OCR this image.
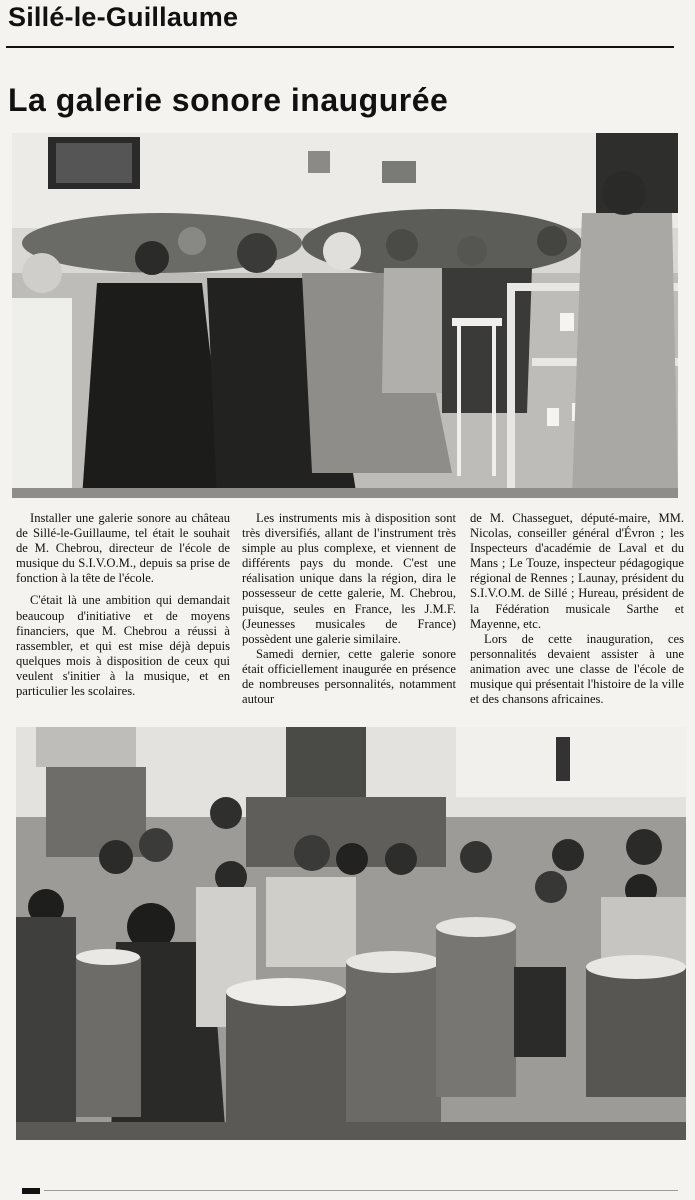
Sillé-le-Guillaume
La galerie sonore inaugurée

Installer une galerie sonore au château de Sillé-le-Guillaume, tel était le souhait de M. Chebrou, directeur de l'école de musique du S.I.V.O.M., depuis sa prise de fonction à la tête de l'école.

C'était là une ambition qui demandait beaucoup d'initiative et de moyens financiers, que M. Chebrou a réussi à rassembler, et qui est mise déjà depuis quelques mois à disposition de ceux qui veulent s'initier à la musique, et en particulier les scolaires.

Les instruments mis à disposition sont très diversifiés, allant de l'instrument très simple au plus complexe, et viennent de différents pays du monde. C'est une réalisation unique dans la région, dira le possesseur de cette galerie, M. Chebrou, puisque, seules en France, les J.M.F. (Jeunesses musicales de France) possèdent une galerie similaire.

Samedi dernier, cette galerie sonore était officiellement inaugurée en présence de nombreuses personnalités, notamment autour

de M. Chasseguet, député-maire, MM. Nicolas, conseiller général d'Évron ; les Inspecteurs d'académie de Laval et du Mans ; Le Touze, inspecteur pédagogique régional de Rennes ; Launay, président du S.I.V.O.M. de Sillé ; Hureau, président de la Fédération musicale Sarthe et Mayenne, etc.

Lors de cette inauguration, ces personnalités devaient assister à une animation avec une classe de l'école de musique qui présentait l'histoire de la ville et des chansons africaines.
